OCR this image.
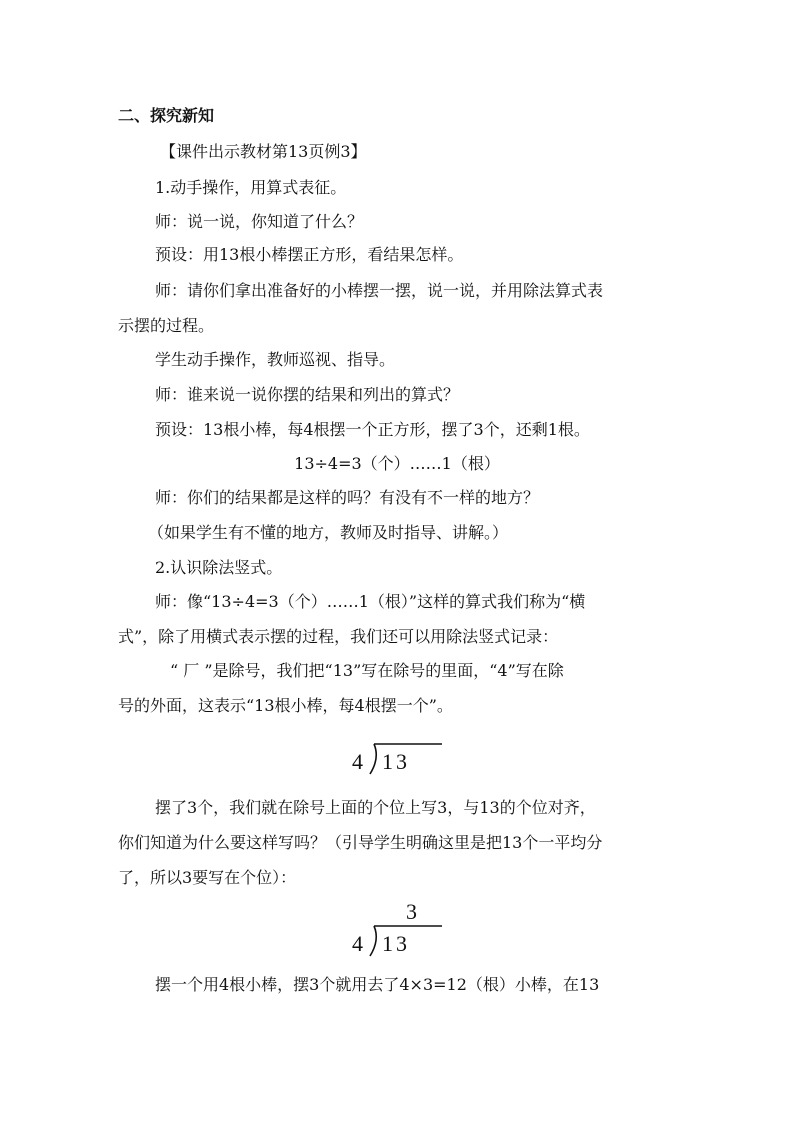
二、探究新知
【课件出示教材第13页例3】
1.动手操作，用算式表征。
师：说一说，你知道了什么？
预设：用13根小棒摆正方形，看结果怎样。
师：请你们拿出准备好的小棒摆一摆，说一说，并用除法算式表
示摆的过程。
学生动手操作，教师巡视、指导。
师：谁来说一说你摆的结果和列出的算式？
预设：13根小棒，每4根摆一个正方形，摆了3个，还剩1根。
13÷4=3（个）……1（根）
师：你们的结果都是这样的吗？有没有不一样的地方？
（如果学生有不懂的地方，教师及时指导、讲解。）
2.认识除法竖式。
师：像“13÷4=3（个）……1（根）”这样的算式我们称为“横
式”，除了用横式表示摆的过程，我们还可以用除法竖式记录：
“ 厂 ”是除号，我们把“13”写在除号的里面，“4”写在除
号的外面，这表示“13根小棒，每4根摆一个”。
4 13
摆了3个，我们就在除号上面的个位上写3，与13的个位对齐，
你们知道为什么要这样写吗？（引导学生明确这里是把13个一平均分
了，所以3要写在个位）：
3
4 13
摆一个用4根小棒，摆3个就用去了4×3=12（根）小棒，在13
